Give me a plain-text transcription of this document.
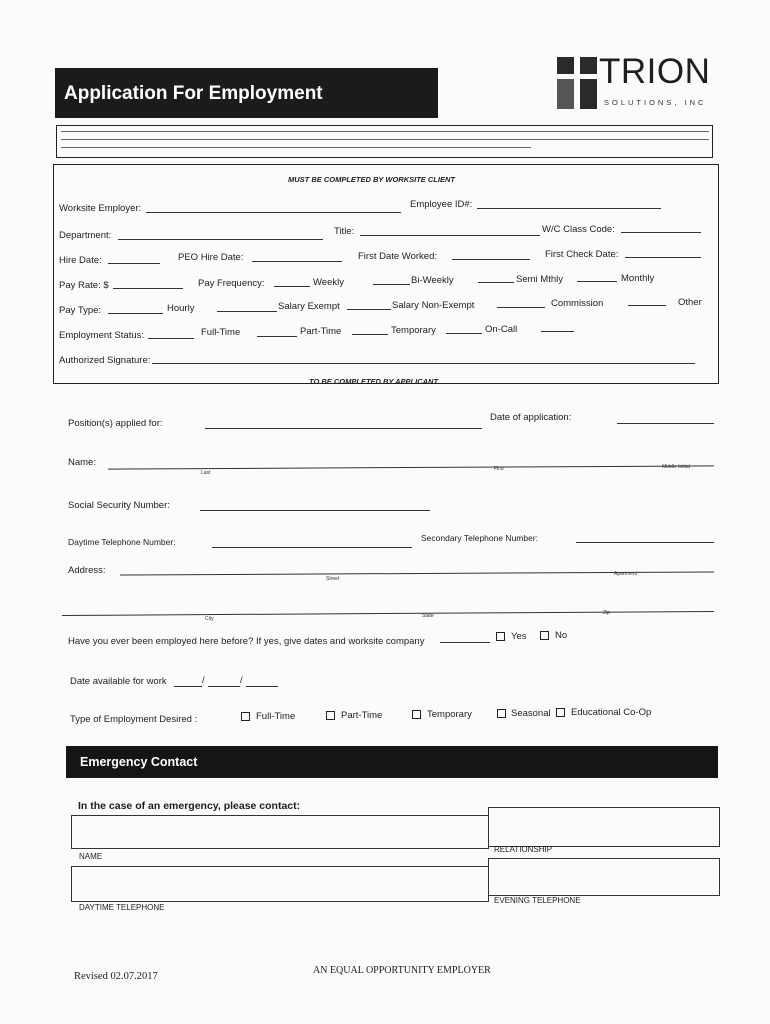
Application For Employment
TRION
SOLUTIONS, INC
MUST BE COMPLETED BY WORKSITE CLIENT
Worksite Employer:	Employee ID#:
Department:	Title:	W/C Class Code:
Hire Date:	PEO Hire Date:	First Date Worked:	First Check Date:
Pay Rate: $	Pay Frequency:	Weekly	Bi-Weekly	Semi Mthly	Monthly
Pay Type:	Hourly	Salary Exempt	Salary Non-Exempt	Commission	Other
Employment Status:	Full-Time	Part-Time	Temporary	On-Call
Authorized Signature:
TO BE COMPLETED BY APPLICANT
Position(s) applied for:
Date of application:
Name:
Last
First	Middle Initial
Social Security Number:
Daytime Telephone Number:	Secondary Telephone Number:
Address:
Street
Apartment
City	State	Zip
Have you ever been employed here before? If yes, give dates and worksite company	Yes	No
Date available for work	/	/
Type of Employment Desired :	Full-Time	Part-Time	Temporary	Seasonal Educational Co-Op
Emergency Contact
In the case of an emergency, please contact:
NAME
RELATIONSHIP
DAYTIME TELEPHONE
EVENING TELEPHONE
Revised 02.07.2017
AN EQUAL OPPORTUNITY EMPLOYER
